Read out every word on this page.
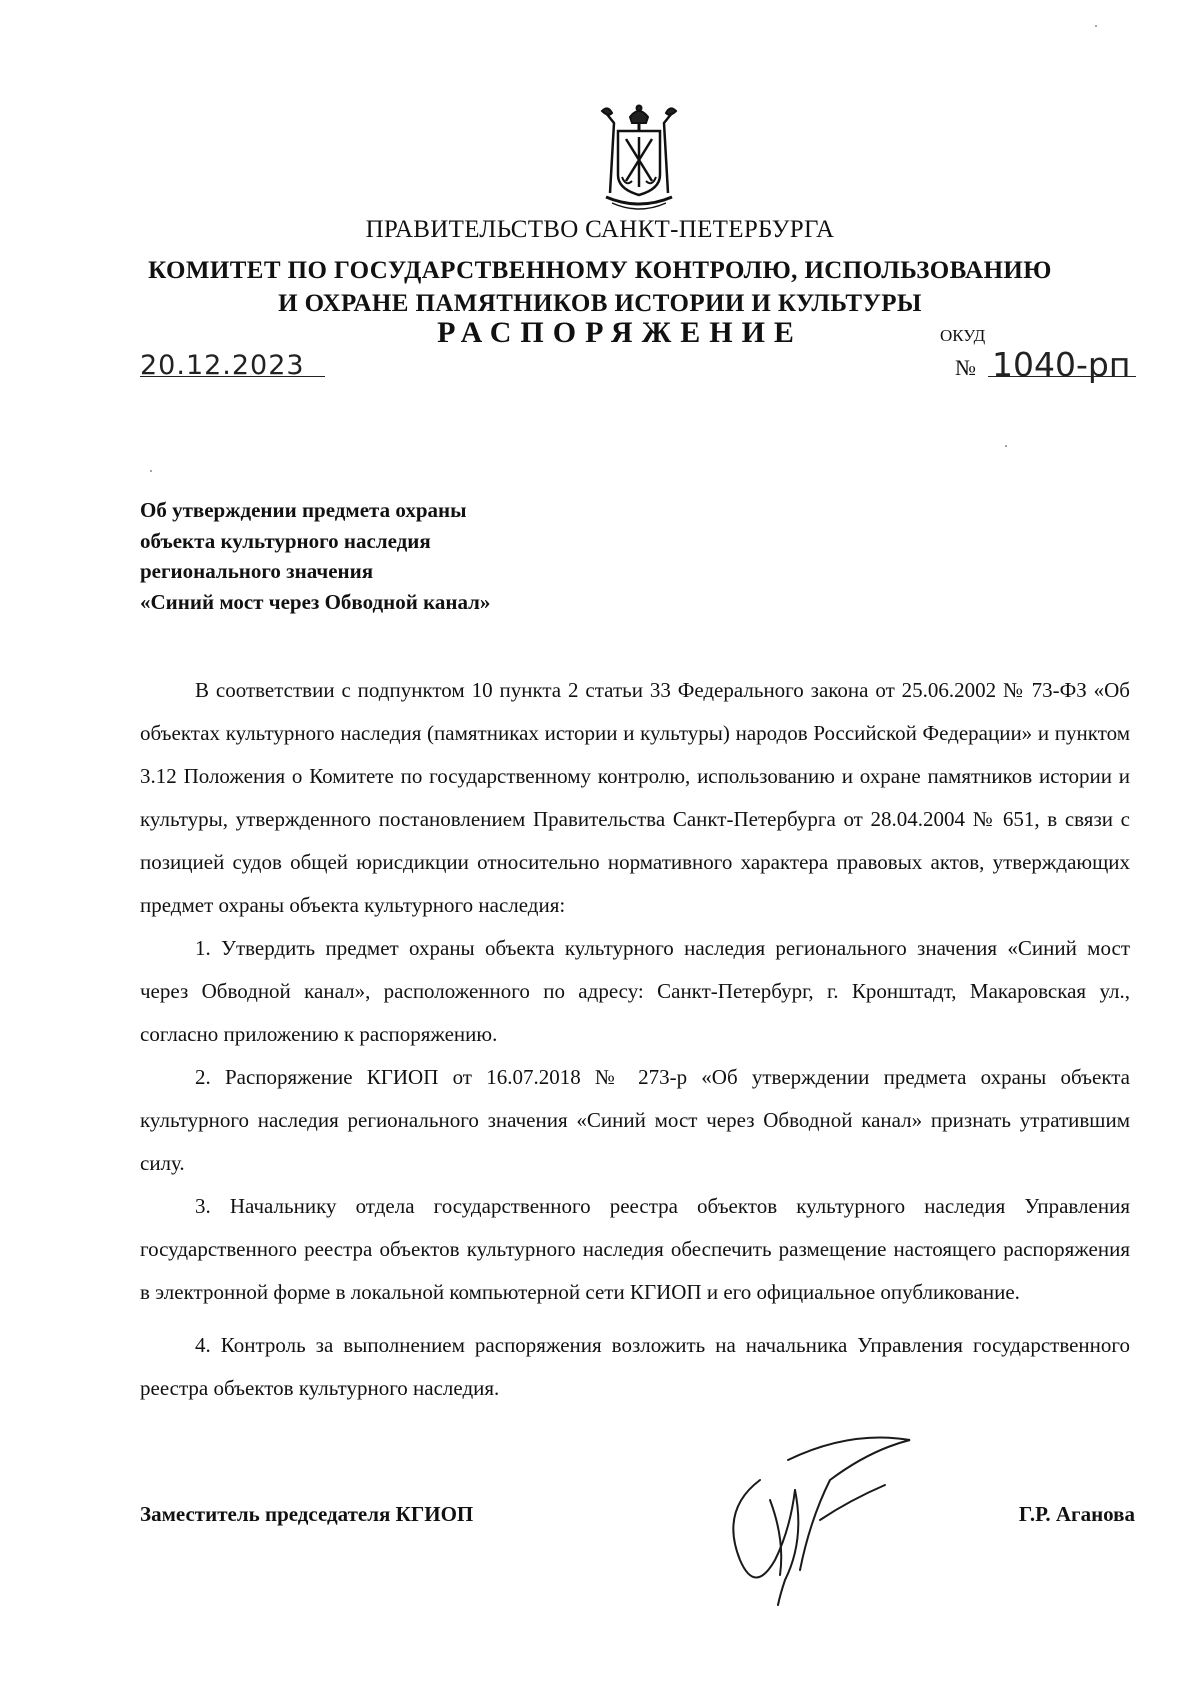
ПРАВИТЕЛЬСТВО САНКТ-ПЕТЕРБУРГА
КОМИТЕТ ПО ГОСУДАРСТВЕННОМУ КОНТРОЛЮ, ИСПОЛЬЗОВАНИЮ
И ОХРАНЕ ПАМЯТНИКОВ ИСТОРИИ И КУЛЬТУРЫ
РАСПОРЯЖЕНИЕ	ОКУД
20.12.2023	№ 1040-рп
Об утверждении предмета охраны
объекта культурного наследия
регионального значения
«Синий мост через Обводной канал»

В соответствии с подпунктом 10 пункта 2 статьи 33 Федерального закона от 25.06.2002 № 73-ФЗ «Об объектах культурного наследия (памятниках истории и культуры) народов Российской Федерации» и пунктом 3.12 Положения о Комитете по государственному контролю, использованию и охране памятников истории и культуры, утвержденного постановлением Правительства Санкт-Петербурга от 28.04.2004 № 651, в связи с позицией судов общей юрисдикции относительно нормативного характера правовых актов, утверждающих предмет охраны объекта культурного наследия:

1. Утвердить предмет охраны объекта культурного наследия регионального значения «Синий мост через Обводной канал», расположенного по адресу: Санкт-Петербург, г. Кронштадт, Макаровская ул., согласно приложению к распоряжению.

2. Распоряжение КГИОП от 16.07.2018 № 273-р «Об утверждении предмета охраны объекта культурного наследия регионального значения «Синий мост через Обводной канал» признать утратившим силу.

3. Начальнику отдела государственного реестра объектов культурного наследия Управления государственного реестра объектов культурного наследия обеспечить размещение настоящего распоряжения в электронной форме в локальной компьютерной сети КГИОП и его официальное опубликование.

4. Контроль за выполнением распоряжения возложить на начальника Управления государственного реестра объектов культурного наследия.

Заместитель председателя КГИОП	Г.Р. Аганова
